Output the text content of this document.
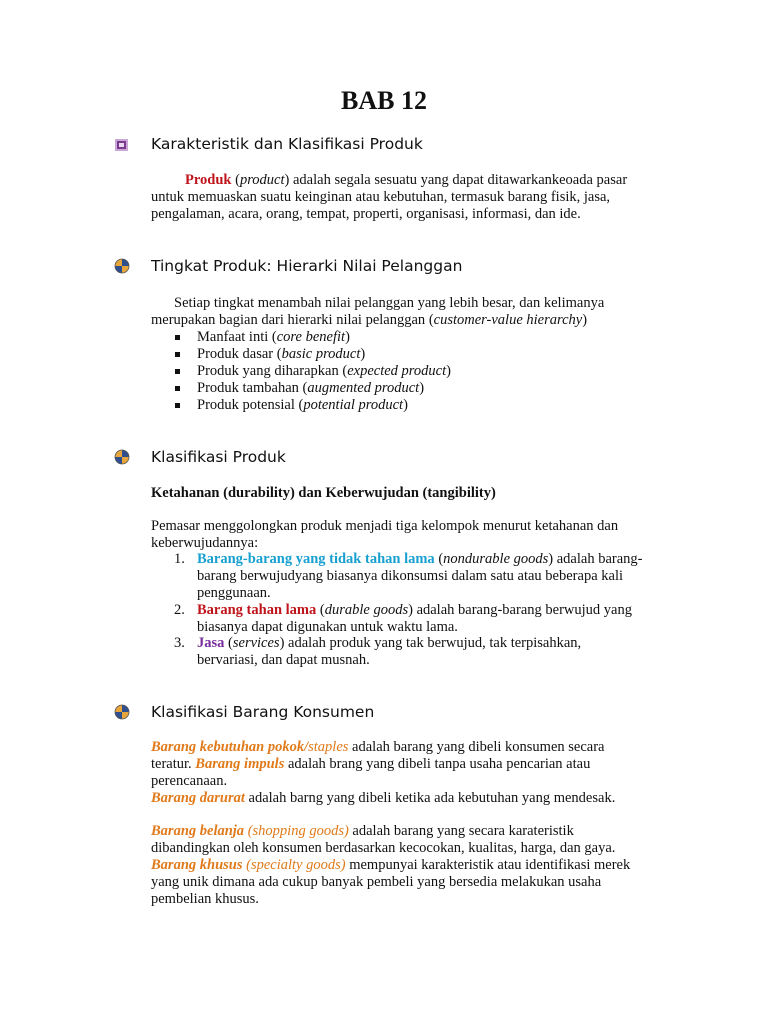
BAB 12
Karakteristik dan Klasifikasi Produk
Produk (product) adalah segala sesuatu yang dapat ditawarkankeoada pasar
untuk memuaskan suatu keinginan atau kebutuhan, termasuk barang fisik, jasa,
pengalaman, acara, orang, tempat, properti, organisasi, informasi, dan ide.
Tingkat Produk: Hierarki Nilai Pelanggan
Setiap tingkat menambah nilai pelanggan yang lebih besar, dan kelimanya
merupakan bagian dari hierarki nilai pelanggan (customer-value hierarchy)
Manfaat inti (core benefit)
Produk dasar (basic product)
Produk yang diharapkan (expected product)
Produk tambahan (augmented product)
Produk potensial (potential product)
Klasifikasi Produk
Ketahanan (durability) dan Keberwujudan (tangibility)
Pemasar menggolongkan produk menjadi tiga kelompok menurut ketahanan dan
keberwujudannya:
1. Barang-barang yang tidak tahan lama (nondurable goods) adalah barang-
barang berwujudyang biasanya dikonsumsi dalam satu atau beberapa kali
penggunaan.
2. Barang tahan lama (durable goods) adalah barang-barang berwujud yang
biasanya dapat digunakan untuk waktu lama.
3. Jasa (services) adalah produk yang tak berwujud, tak terpisahkan,
bervariasi, dan dapat musnah.
Klasifikasi Barang Konsumen
Barang kebutuhan pokok/staples adalah barang yang dibeli konsumen secara
teratur. Barang impuls adalah brang yang dibeli tanpa usaha pencarian atau
perencanaan.
Barang darurat adalah barng yang dibeli ketika ada kebutuhan yang mendesak.
Barang belanja (shopping goods) adalah barang yang secara karateristik
dibandingkan oleh konsumen berdasarkan kecocokan, kualitas, harga, dan gaya.
Barang khusus (specialty goods) mempunyai karakteristik atau identifikasi merek
yang unik dimana ada cukup banyak pembeli yang bersedia melakukan usaha
pembelian khusus.
